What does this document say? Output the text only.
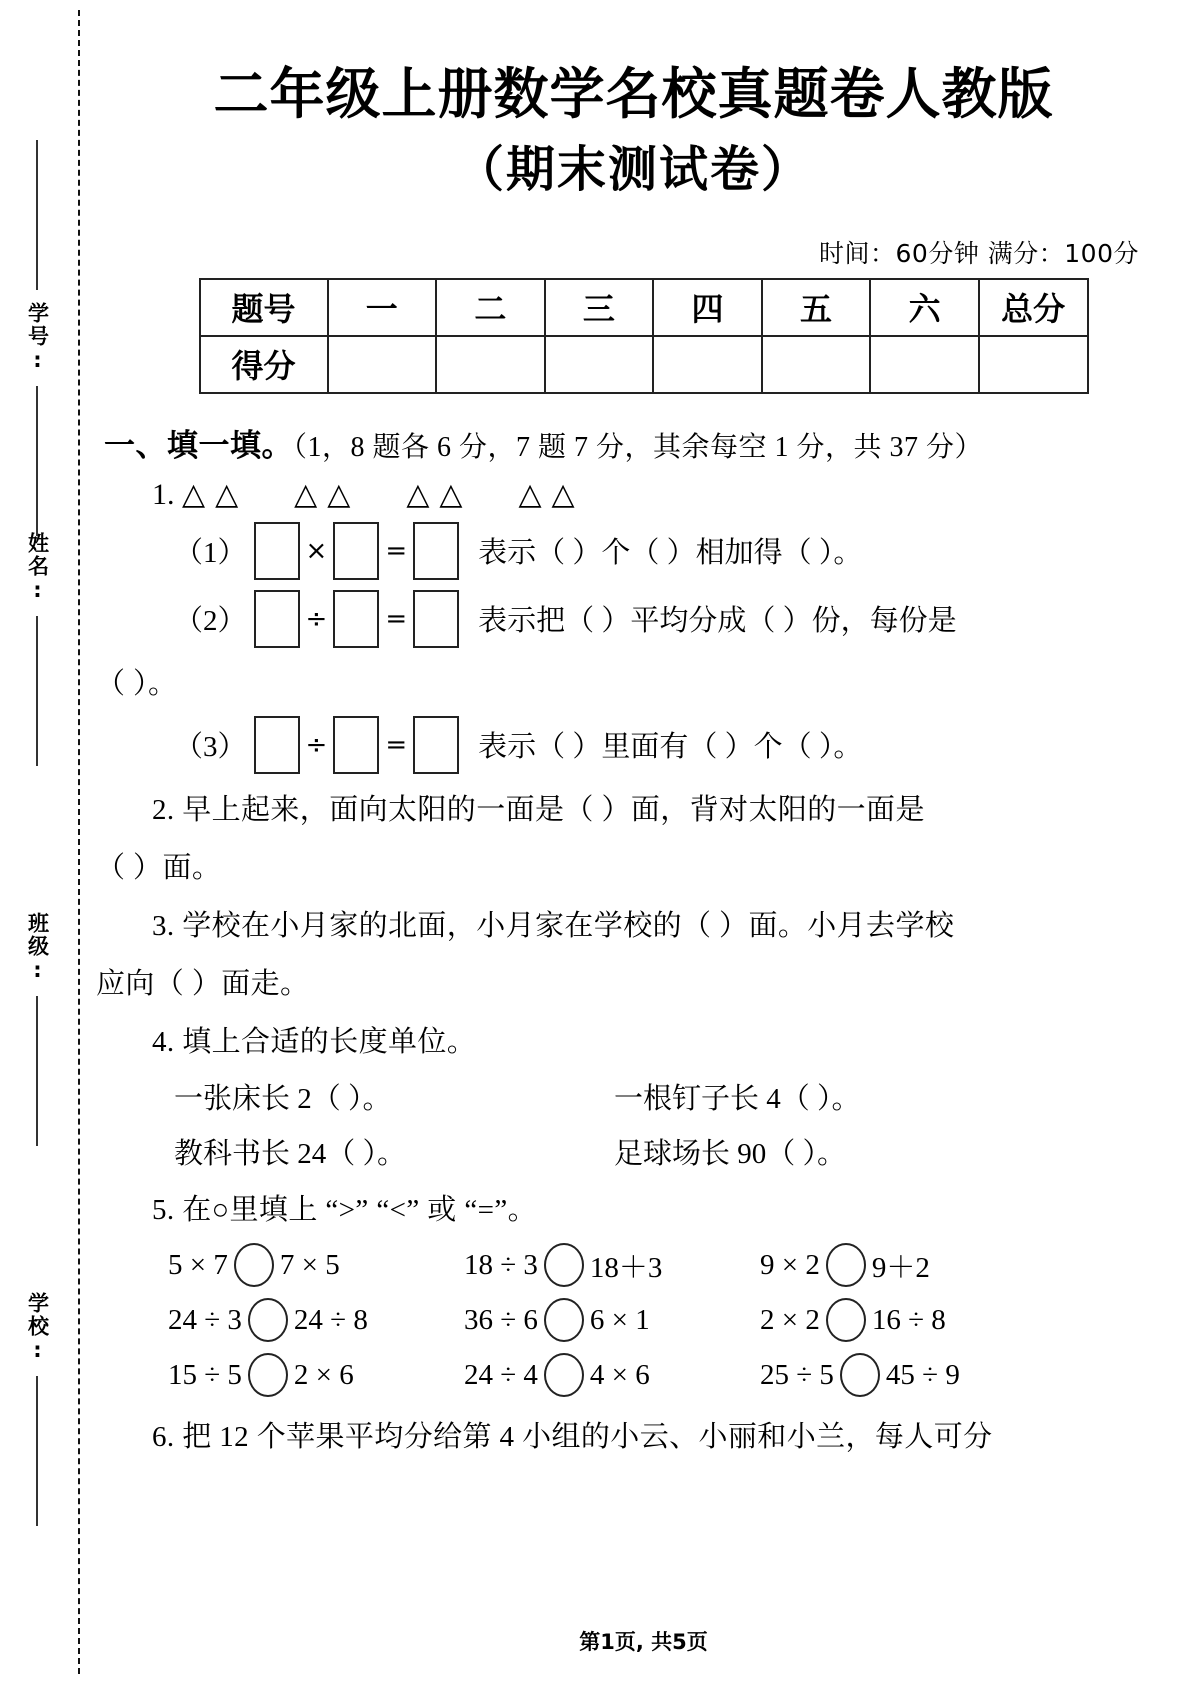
学号:
姓名:
班级:
学校:
二年级上册数学名校真题卷人教版
（期末测试卷）
时间：60分钟 满分：100分
题号	一	二	三	四	五	六	总分
得分							
一、填一填。（1，8 题各 6 分，7 题 7 分，其余每空 1 分，共 37 分）
1. △△ △△ △△ △△
（1） × = 表示（ ）个（ ）相加得（ ）。
（2） ÷ = 表示把（ ）平均分成（ ）份，每份是
（ ）。
（3） ÷ = 表示（ ）里面有（ ）个（ ）。
2. 早上起来，面向太阳的一面是（ ）面，背对太阳的一面是
（ ）面。
3. 学校在小月家的北面，小月家在学校的（ ）面。小月去学校
应向（ ）面走。
4. 填上合适的长度单位。
一张床长 2（ ）。	一根钉子长 4（ ）。
教科书长 24（ ）。	足球场长 90（ ）。
5. 在○里填上 “>” “<” 或 “=”。
5 × 7 7 × 5	18 ÷ 3 18＋3	9 × 2 9＋2
24 ÷ 3 24 ÷ 8	36 ÷ 6 6 × 1	2 × 2 16 ÷ 8
15 ÷ 5 2 × 6	24 ÷ 4 4 × 6	25 ÷ 5 45 ÷ 9
6. 把 12 个苹果平均分给第 4 小组的小云、小丽和小兰，每人可分
第1页, 共5页
